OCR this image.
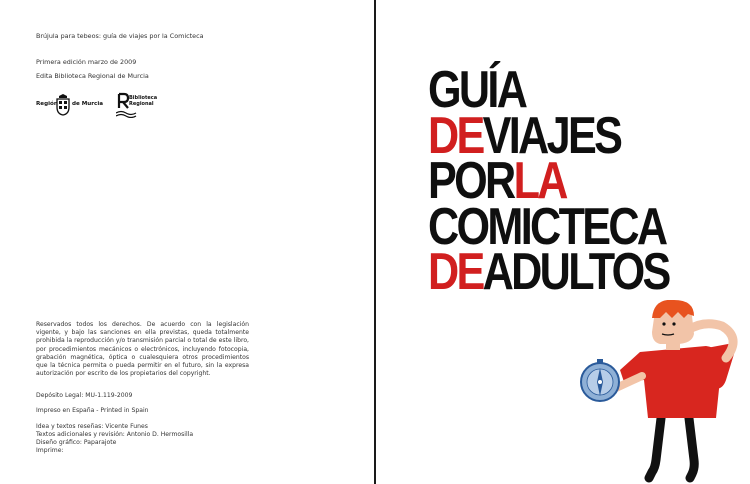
Brújula para tebeos: guía de viajes por la Comicteca
Primera edición marzo de 2009
Edita Biblioteca Regional de Murcia
Región	de Murcia
Biblioteca
Regional
Reservados todos los derechos. De acuerdo con la legislación vigente, y bajo las sanciones en ella previstas, queda totalmente prohibida la reproducción y/o transmisión parcial o total de este libro, por procedimientos mecánicos o electrónicos, incluyendo fotocopia, grabación magnética, óptica o cualesquiera otros procedimientos que la técnica permita o pueda permitir en el futuro, sin la expresa autorización por escrito de los propietarios del copyright.
Depósito Legal: MU-1.119-2009
Impreso en España - Printed in Spain
Idea y textos reseñas: Vicente Funes
Textos adicionales y revisión: Antonio D. Hermosilla
Diseño gráfico: Paparajote
Imprime:
GUÍA
DEVIAJES
PORLA
COMICTECA
DEADULTOS
